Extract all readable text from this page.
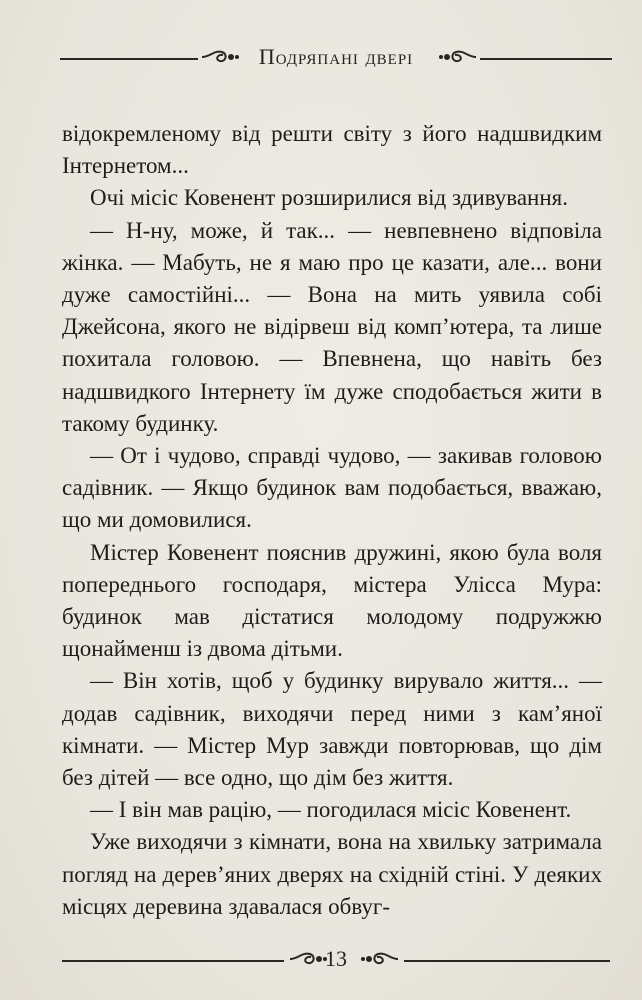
Подряпані двері

відокремленому від решти світу з його надшвидким Інтернетом...

Очі місіс Ковенент розширилися від здивування.

— Н-ну, може, й так... — невпевнено відповіла жінка. — Мабуть, не я маю про це казати, але... вони дуже самостійні... — Вона на мить уявила собі Джейсона, якого не відірвеш від комп’ютера, та лише похитала головою. — Впевнена, що навіть без надшвидкого Інтернету їм дуже сподобається жити в такому будинку.

— От і чудово, справді чудово, — закивав головою садівник. — Якщо будинок вам подобається, вважаю, що ми домовилися.

Містер Ковенент пояснив дружині, якою була воля попереднього господаря, містера Улісса Мура: будинок мав дістатися молодому подружжю щонайменш із двома дітьми.

— Він хотів, щоб у будинку вирувало життя... — додав садівник, виходячи перед ними з кам’яної кімнати. — Містер Мур завжди повторював, що дім без дітей — все одно, що дім без життя.

— І він мав рацію, — погодилася місіс Ковенент.

Уже виходячи з кімнати, вона на хвильку затримала погляд на дерев’яних дверях на східній стіні. У деяких місцях деревина здавалася обвуг-

13
